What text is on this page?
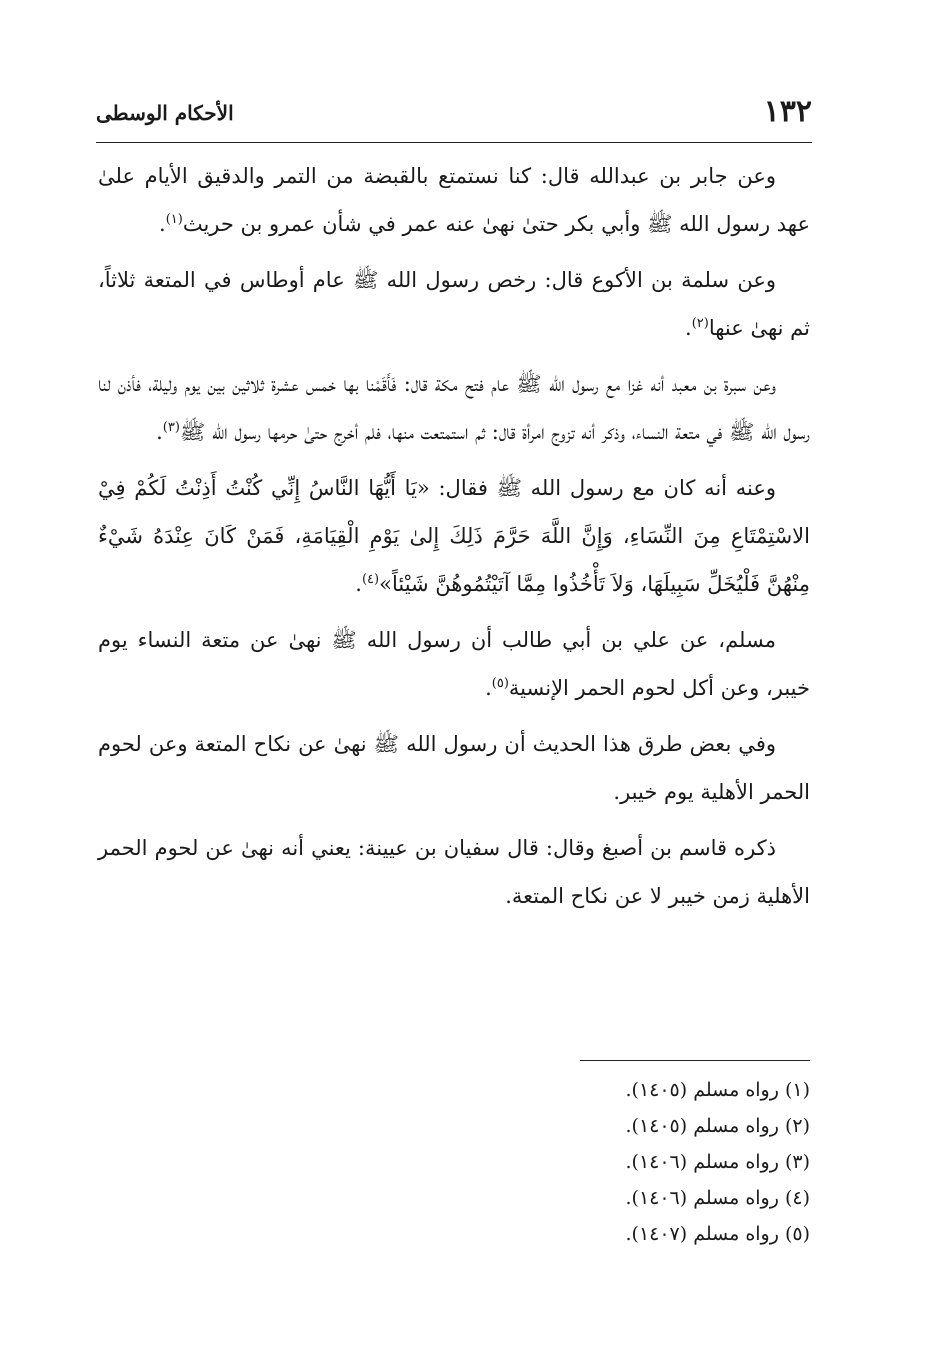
١٣٢
الأحكام الوسطى

وعن جابر بن عبدالله قال: كنا نستمتع بالقبضة من التمر والدقيق الأيام علىٰ عهد رسول الله ﷺ وأبي بكر حتىٰ نهىٰ عنه عمر في شأن عمرو بن حريث$^{(١)}$.

وعن سلمة بن الأكوع قال: رخص رسول الله ﷺ عام أوطاس في المتعة ثلاثاً، ثم نهىٰ عنها$^{(٢)}$.

وعن سبرة بن معبد أنه غزا مع رسول الله ﷺ عام فتح مكة قال: فَأَقَمْنا بها خمس عشرة ثلاثين بين يوم وليلة، فأذن لنا رسول الله ﷺ في متعة النساء، وذكر أنه تزوج امرأة قال: ثم استمتعت منها، فلم أخرج حتىٰ حرمها رسول الله ﷺ$^{(٣)}$.

وعنه أنه كان مع رسول الله ﷺ فقال: «يَا أَيُّهَا النَّاسُ إِنِّي كُنْتُ أَذِنْتُ لَكُمْ فِيْ الاسْتِمْتَاعِ مِنَ النِّسَاءِ، وَإِنَّ اللَّهَ حَرَّمَ ذَلِكَ إِلىٰ يَوْمِ الْقِيَامَةِ، فَمَنْ كَانَ عِنْدَهُ شَيْءٌ مِنْهُنَّ فَلْيُخَلِّ سَبِيلَهَا، وَلاَ تَأْخُذُوا مِمَّا آتَيْتُمُوهُنَّ شَيْئاً»$^{(٤)}$.

مسلم، عن علي بن أبي طالب أن رسول الله ﷺ نهىٰ عن متعة النساء يوم خيبر، وعن أكل لحوم الحمر الإنسية$^{(٥)}$.

وفي بعض طرق هذا الحديث أن رسول الله ﷺ نهىٰ عن نكاح المتعة وعن لحوم الحمر الأهلية يوم خيبر.

ذكره قاسم بن أصبغ وقال: قال سفيان بن عيينة: يعني أنه نهىٰ عن لحوم الحمر الأهلية زمن خيبر لا عن نكاح المتعة.

(١) رواه مسلم (١٤٠٥).

(٢) رواه مسلم (١٤٠٥).

(٣) رواه مسلم (١٤٠٦).

(٤) رواه مسلم (١٤٠٦).

(٥) رواه مسلم (١٤٠٧).
